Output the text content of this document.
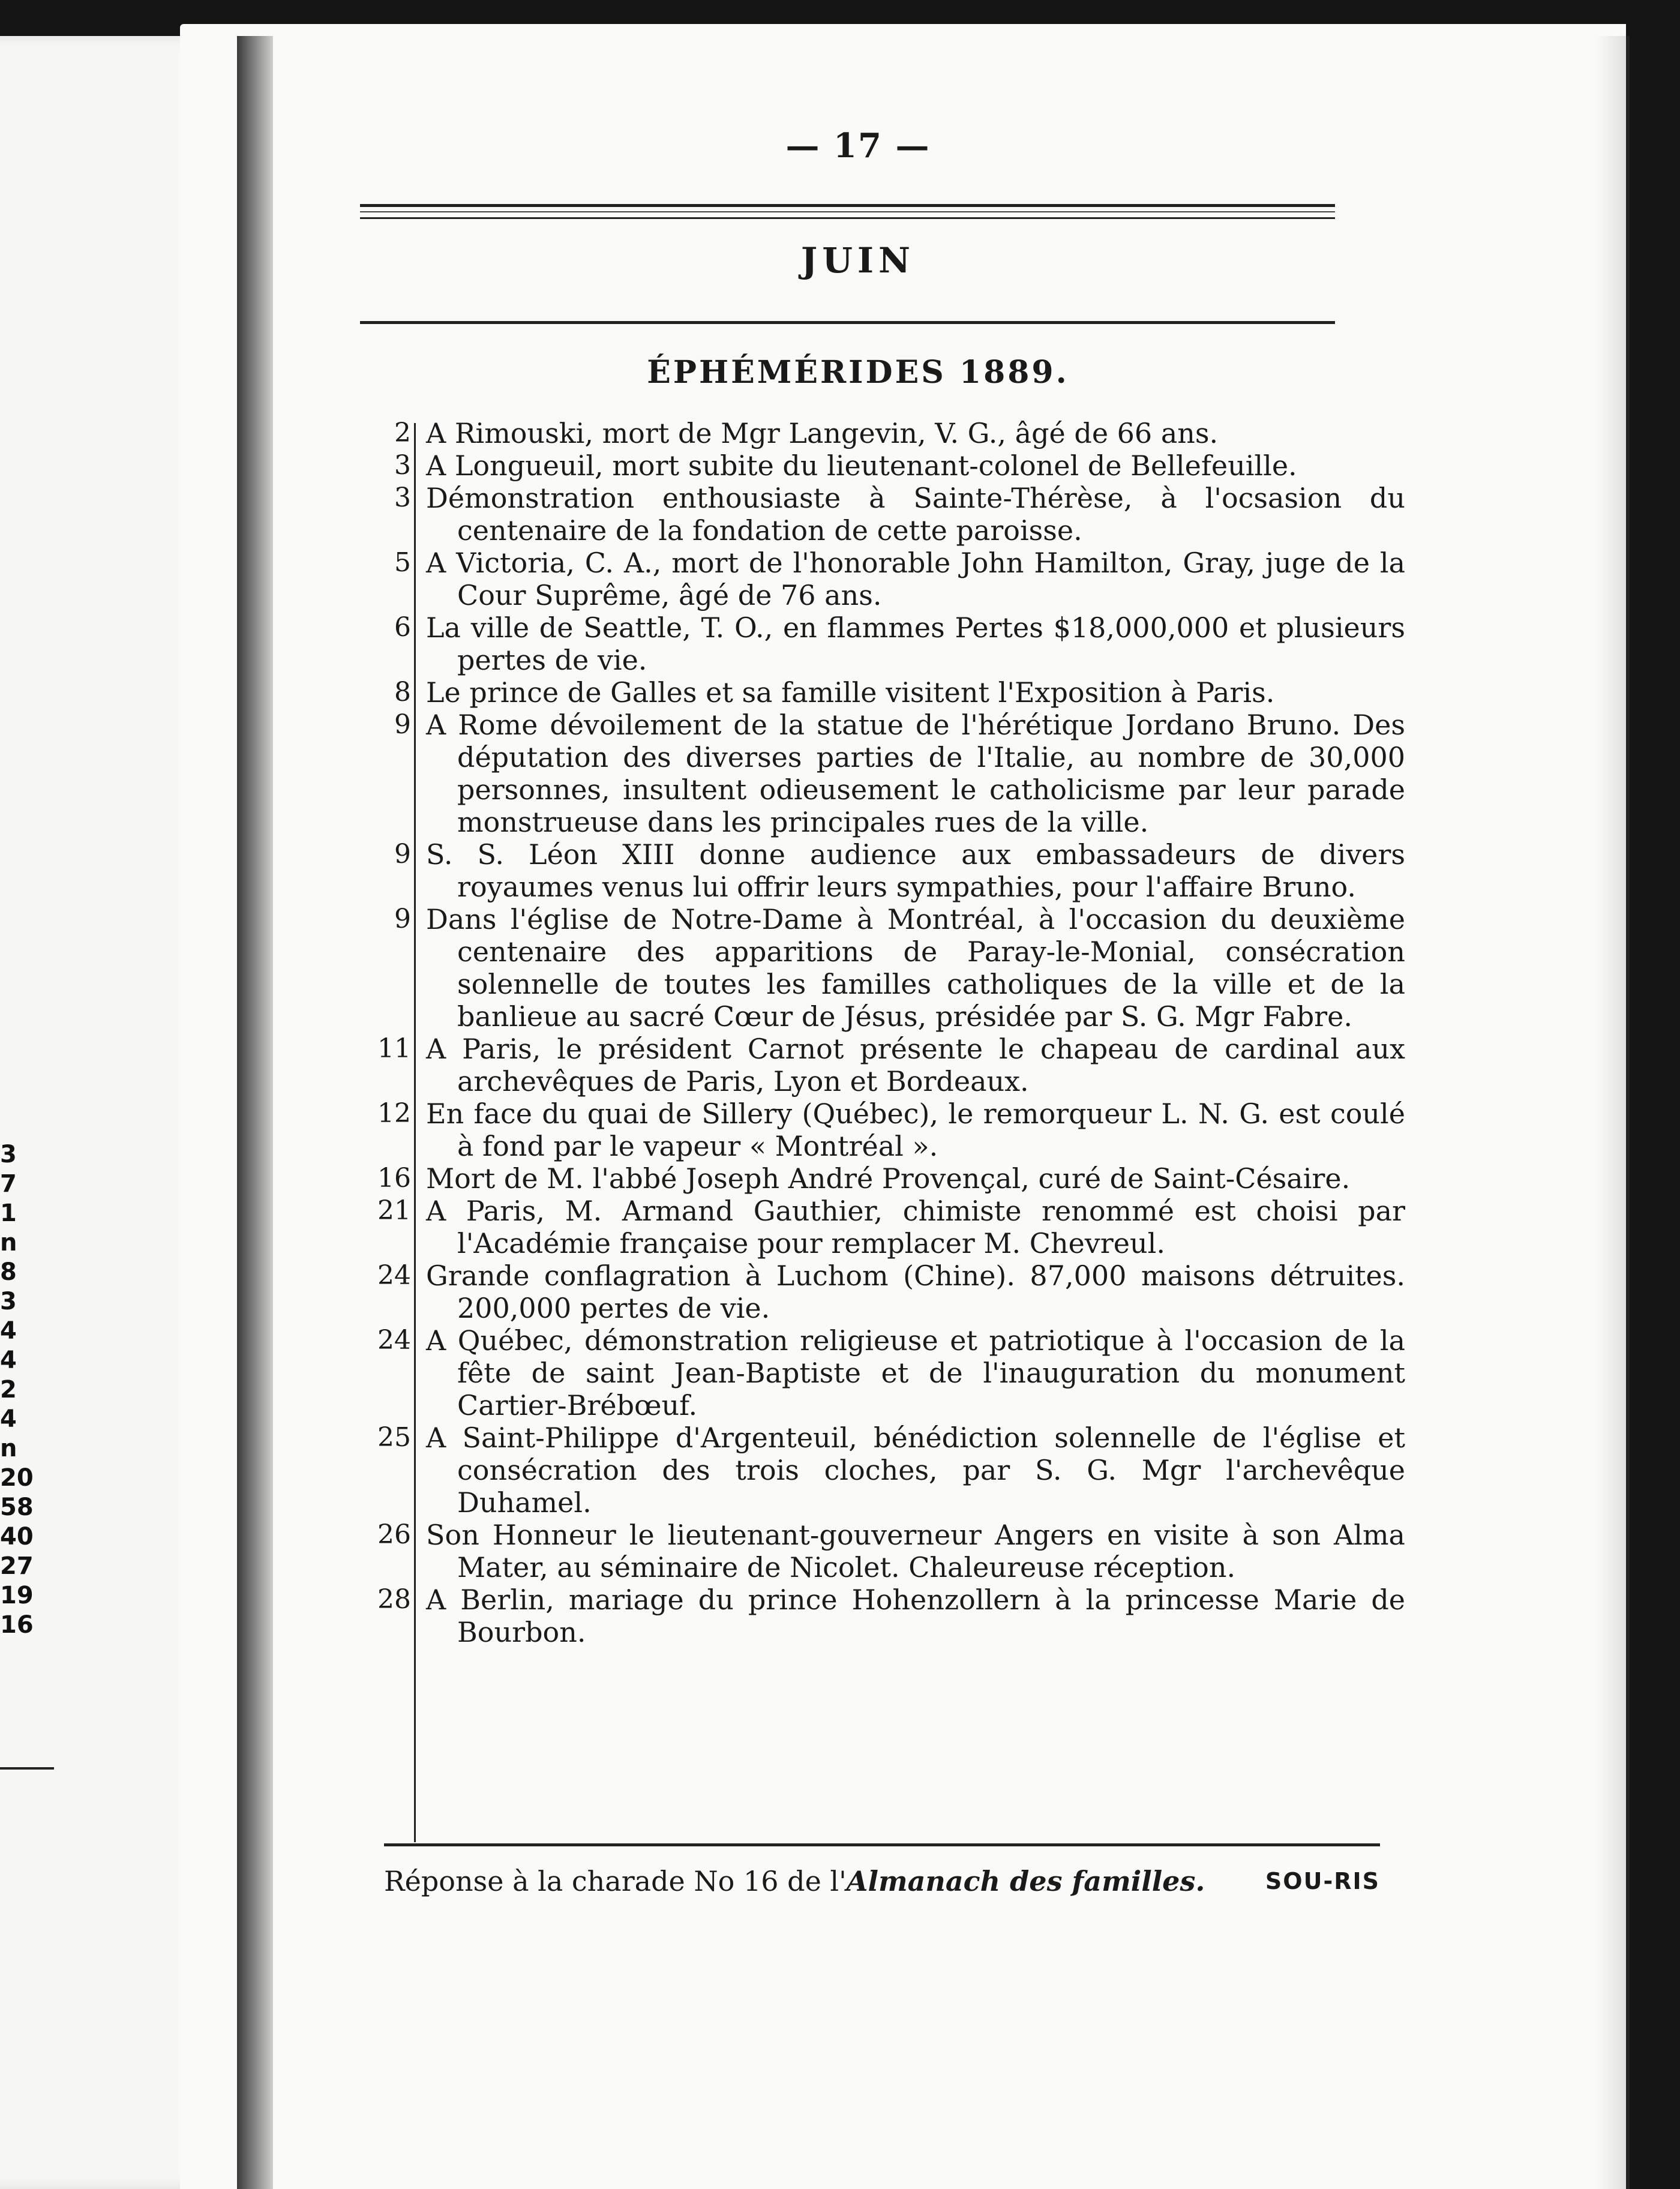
3
7
1
n
8
3
4
4
2
4
n
20
58
40
27
19
16
— 17 —
JUIN
ÉPHÉMÉRIDES 1889.
2 A Rimouski, mort de Mgr Langevin, V. G., âgé de 66 ans.
3 A Longueuil, mort subite du lieutenant-colonel de Bellefeuille.
3 Démonstration enthousiaste à Sainte-Thérèse, à l'ocsasion du centenaire de la fondation de cette paroisse.
5 A Victoria, C. A., mort de l'honorable John Hamilton, Gray, juge de la Cour Suprême, âgé de 76 ans.
6 La ville de Seattle, T. O., en flammes Pertes $18,000,000 et plusieurs pertes de vie.
8 Le prince de Galles et sa famille visitent l'Exposition à Paris.
9 A Rome dévoilement de la statue de l'hérétique Jordano Bruno. Des députation des diverses parties de l'Italie, au nombre de 30,000 personnes, insultent odieusement le catholicisme par leur parade monstrueuse dans les principales rues de la ville.
9 S. S. Léon XIII donne audience aux embassadeurs de divers royaumes venus lui offrir leurs sympathies, pour l'affaire Bruno.
9 Dans l'église de Notre-Dame à Montréal, à l'occasion du deuxième centenaire des apparitions de Paray-le-Monial, consécration solennelle de toutes les familles catholiques de la ville et de la banlieue au sacré Cœur de Jésus, présidée par S. G. Mgr Fabre.
11 A Paris, le président Carnot présente le chapeau de cardinal aux archevêques de Paris, Lyon et Bordeaux.
12 En face du quai de Sillery (Québec), le remorqueur L. N. G. est coulé à fond par le vapeur « Montréal ».
16 Mort de M. l'abbé Joseph André Provençal, curé de Saint-Césaire.
21 A Paris, M. Armand Gauthier, chimiste renommé est choisi par l'Académie française pour remplacer M. Chevreul.
24 Grande conflagration à Luchom (Chine). 87,000 maisons détruites. 200,000 pertes de vie.
24 A Québec, démonstration religieuse et patriotique à l'occasion de la fête de saint Jean-Baptiste et de l'inauguration du monument Cartier-Brébœuf.
25 A Saint-Philippe d'Argenteuil, bénédiction solennelle de l'église et consécration des trois cloches, par S. G. Mgr l'archevêque Duhamel.
26 Son Honneur le lieutenant-gouverneur Angers en visite à son Alma Mater, au séminaire de Nicolet. Chaleureuse réception.
28 A Berlin, mariage du prince Hohenzollern à la princesse Marie de Bourbon.
Réponse à la charade No 16 de l'Almanach des familles.	SOU-RIS
